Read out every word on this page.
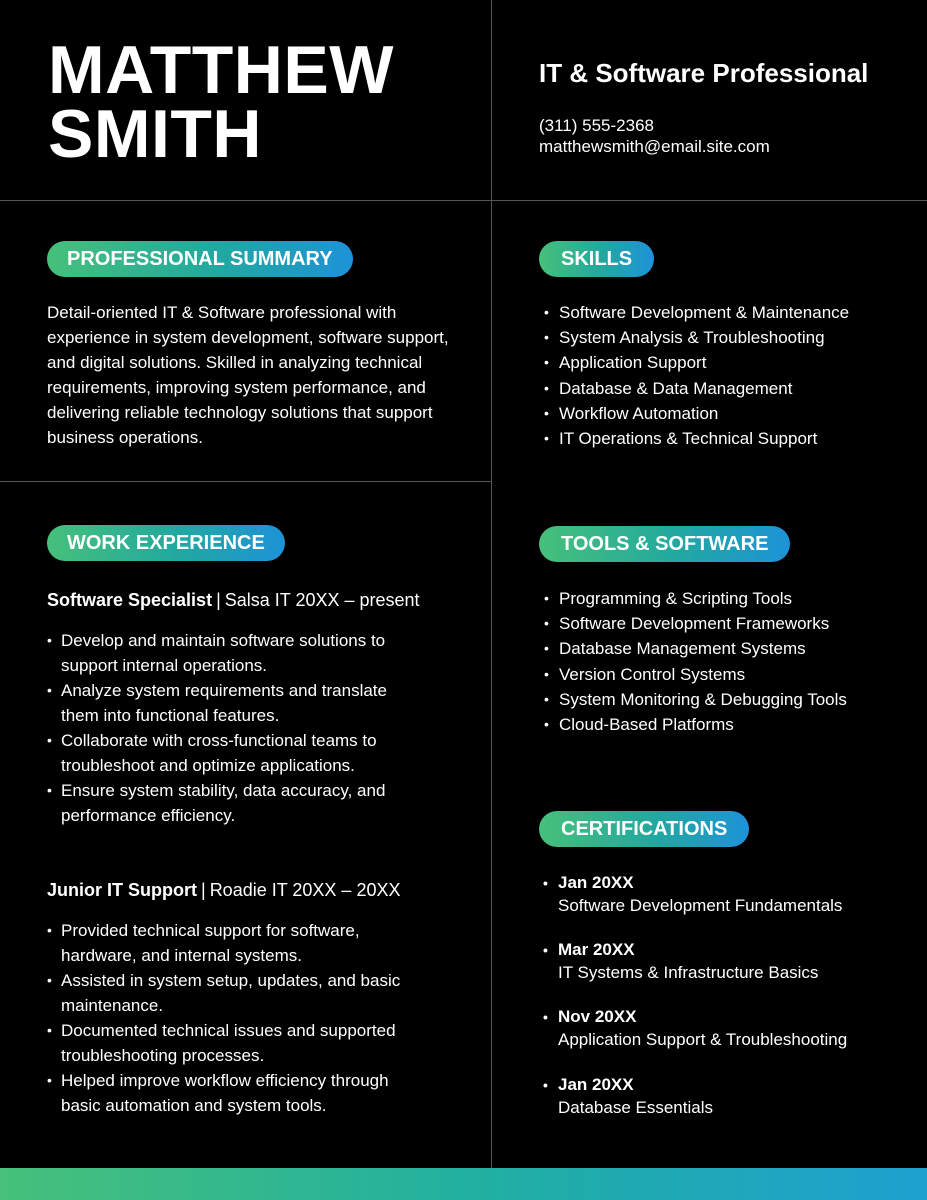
MATTHEW
SMITH
IT & Software Professional
(311) 555-2368
matthewsmith@email.site.com
PROFESSIONAL SUMMARY
Detail-oriented IT & Software professional with experience in system development, software support, and digital solutions. Skilled in analyzing technical requirements, improving system performance, and delivering reliable technology solutions that support business operations.
SKILLS
• Software Development & Maintenance
• System Analysis & Troubleshooting
• Application Support
• Database & Data Management
• Workflow Automation
• IT Operations & Technical Support
WORK EXPERIENCE
Software Specialist | Salsa IT 20XX – present
• Develop and maintain software solutions to support internal operations.
• Analyze system requirements and translate them into functional features.
• Collaborate with cross-functional teams to troubleshoot and optimize applications.
• Ensure system stability, data accuracy, and performance efficiency.
Junior IT Support | Roadie IT 20XX – 20XX
• Provided technical support for software, hardware, and internal systems.
• Assisted in system setup, updates, and basic maintenance.
• Documented technical issues and supported troubleshooting processes.
• Helped improve workflow efficiency through basic automation and system tools.
TOOLS & SOFTWARE
• Programming & Scripting Tools
• Software Development Frameworks
• Database Management Systems
• Version Control Systems
• System Monitoring & Debugging Tools
• Cloud-Based Platforms
CERTIFICATIONS
• Jan 20XX
Software Development Fundamentals
• Mar 20XX
IT Systems & Infrastructure Basics
• Nov 20XX
Application Support & Troubleshooting
• Jan 20XX
Database Essentials
